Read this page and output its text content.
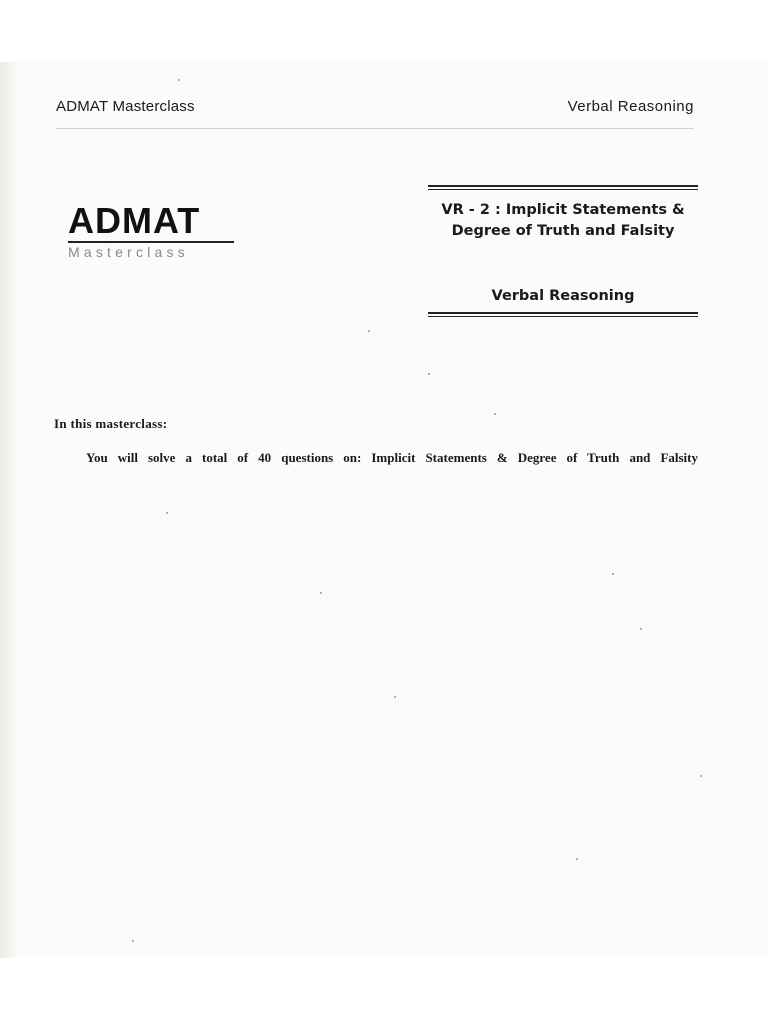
ADMAT Masterclass	Verbal Reasoning
ADMAT
Masterclass
VR - 2 : Implicit Statements &
Degree of Truth and Falsity
Verbal Reasoning
In this masterclass:
You will solve a total of 40 questions on: Implicit Statements & Degree of Truth and Falsity
